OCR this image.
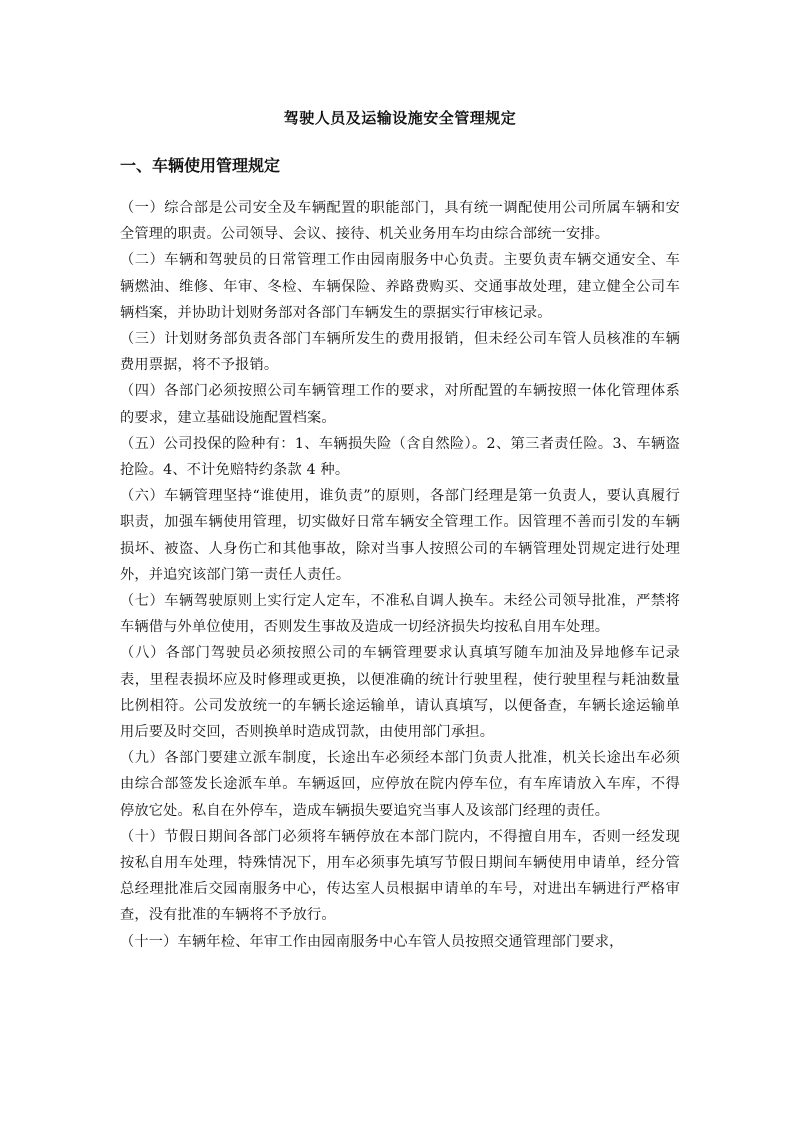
驾驶人员及运输设施安全管理规定
一、车辆使用管理规定

（一）综合部是公司安全及车辆配置的职能部门，具有统一调配使用公司所属车辆和安全管理的职责。公司领导、会议、接待、机关业务用车均由综合部统一安排。

（二）车辆和驾驶员的日常管理工作由园南服务中心负责。主要负责车辆交通安全、车辆燃油、维修、年审、冬检、车辆保险、养路费购买、交通事故处理，建立健全公司车辆档案，并协助计划财务部对各部门车辆发生的票据实行审核记录。

（三）计划财务部负责各部门车辆所发生的费用报销，但未经公司车管人员核准的车辆费用票据，将不予报销。

（四）各部门必须按照公司车辆管理工作的要求，对所配置的车辆按照一体化管理体系的要求，建立基础设施配置档案。

（五）公司投保的险种有：1、车辆损失险（含自然险）。2、第三者责任险。3、车辆盗抢险。4、不计免赔特约条款 4 种。

（六）车辆管理坚持“谁使用，谁负责”的原则，各部门经理是第一负责人，要认真履行职责，加强车辆使用管理，切实做好日常车辆安全管理工作。因管理不善而引发的车辆损坏、被盗、人身伤亡和其他事故，除对当事人按照公司的车辆管理处罚规定进行处理外，并追究该部门第一责任人责任。

（七）车辆驾驶原则上实行定人定车，不准私自调人换车。未经公司领导批准，严禁将车辆借与外单位使用，否则发生事故及造成一切经济损失均按私自用车处理。

（八）各部门驾驶员必须按照公司的车辆管理要求认真填写随车加油及异地修车记录表，里程表损坏应及时修理或更换，以便准确的统计行驶里程，使行驶里程与耗油数量比例相符。公司发放统一的车辆长途运输单，请认真填写，以便备查，车辆长途运输单用后要及时交回，否则换单时造成罚款，由使用部门承担。

（九）各部门要建立派车制度，长途出车必须经本部门负责人批准，机关长途出车必须由综合部签发长途派车单。车辆返回，应停放在院内停车位，有车库请放入车库，不得停放它处。私自在外停车，造成车辆损失要追究当事人及该部门经理的责任。

（十）节假日期间各部门必须将车辆停放在本部门院内，不得擅自用车，否则一经发现按私自用车处理，特殊情况下，用车必须事先填写节假日期间车辆使用申请单，经分管总经理批准后交园南服务中心，传达室人员根据申请单的车号，对进出车辆进行严格审查，没有批准的车辆将不予放行。

（十一）车辆年检、年审工作由园南服务中心车管人员按照交通管理部门要求，
